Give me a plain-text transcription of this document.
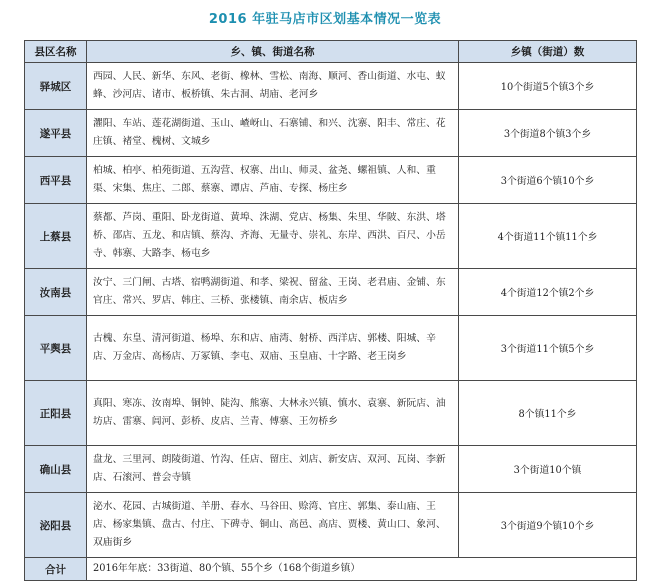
2016 年驻马店市区划基本情况一览表
县区名称	乡、镇、街道名称	乡镇（街道）数
驿城区	西园、人民、新华、东风、老街、橡林、雪松、南海、顺河、香山街道、水屯、蚁蜂、沙河店、诸市、板桥镇、朱古洞、胡庙、老河乡	10个街道5个镇3个乡
遂平县	灈阳、车站、莲花湖街道、玉山、嵖岈山、石寨铺、和兴、沈寨、阳丰、常庄、花庄镇、褚堂、槐树、文城乡	3个街道8个镇3个乡
西平县	柏城、柏亭、柏苑街道、五沟营、权寨、出山、师灵、盆尧、螺祖镇、人和、重渠、宋集、焦庄、二郎、蔡寨、谭店、芦庙、专探、杨庄乡	3个街道6个镇10个乡
上蔡县	蔡都、芦岗、重阳、卧龙街道、黄埠、洙湖、党店、杨集、朱里、华陂、东洪、塔桥、邵店、五龙、和店镇、蔡沟、齐海、无量寺、崇礼、东岸、西洪、百尺、小岳寺、韩寨、大路李、杨屯乡	4个街道11个镇11个乡
汝南县	汝宁、三门闸、古塔、宿鸭湖街道、和孝、梁祝、留盆、王岗、老君庙、金铺、东官庄、常兴、罗店、韩庄、三桥、张楼镇、南余店、板店乡	4个街道12个镇2个乡
平舆县	古槐、东皇、清河街道、杨埠、东和店、庙湾、射桥、西洋店、郭楼、阳城、辛店、万金店、高杨店、万冢镇、李屯、双庙、玉皇庙、十字路、老王岗乡	3个街道11个镇5个乡
正阳县	真阳、寒冻、汝南埠、铜钟、陡沟、熊寨、大林永兴镇、慎水、袁寨、新阮店、油坊店、雷寨、闾河、彭桥、皮店、兰青、傅寨、王勿桥乡	8个镇11个乡
确山县	盘龙、三里河、朗陵街道、竹沟、任店、留庄、刘店、新安店、双河、瓦岗、李新店、石滚河、普会寺镇	3个街道10个镇
泌阳县	泌水、花园、古城街道、羊册、春水、马谷田、赊湾、官庄、郭集、泰山庙、王店、杨家集镇、盘古、付庄、下碑寺、铜山、高邑、高店、贾楼、黄山口、象河、双庙街乡	3个街道9个镇10个乡
合计	2016年年底：33街道、80个镇、55个乡（168个街道乡镇）	
